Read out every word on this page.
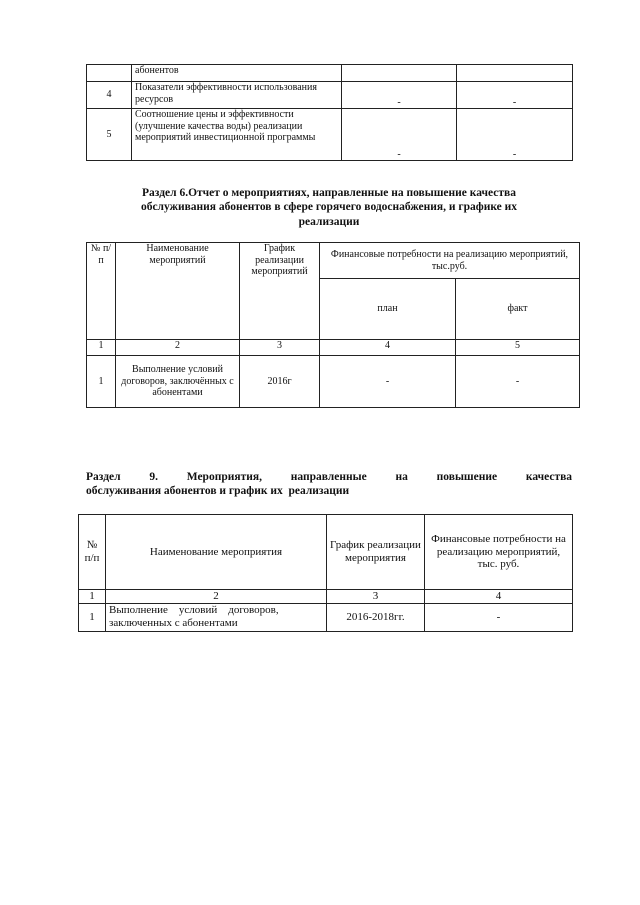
	абонентов		
4	Показатели эффективности использования ресурсов	-	-
5	Соотношение цены и эффективности (улучшение качества воды) реализации мероприятий инвестиционной программы	-	-
Раздел 6.Отчет о мероприятиях, направленные на повышение качества
обслуживания абонентов в сфере горячего водоснабжения, и графике их
реализации
№ п/п	Наименование мероприятий	График реализации мероприятий	Финансовые потребности на реализацию мероприятий, тыс.руб.	
			план	факт
1	2	3	4	5
1	Выполнение условий договоров, заключённых с абонентами	2016г	-	-
Раздел	9.	Мероприятия,	направленные	на	повышение	качества
обслуживания абонентов и график их  реализации
№ п/п	Наименование мероприятия	График реализации мероприятия	Финансовые потребности на реализацию мероприятий, тыс. руб.
1	2	3	4
1	Выполнение    условий    договоров, заключенных с абонентами	2016-2018гг.	-
